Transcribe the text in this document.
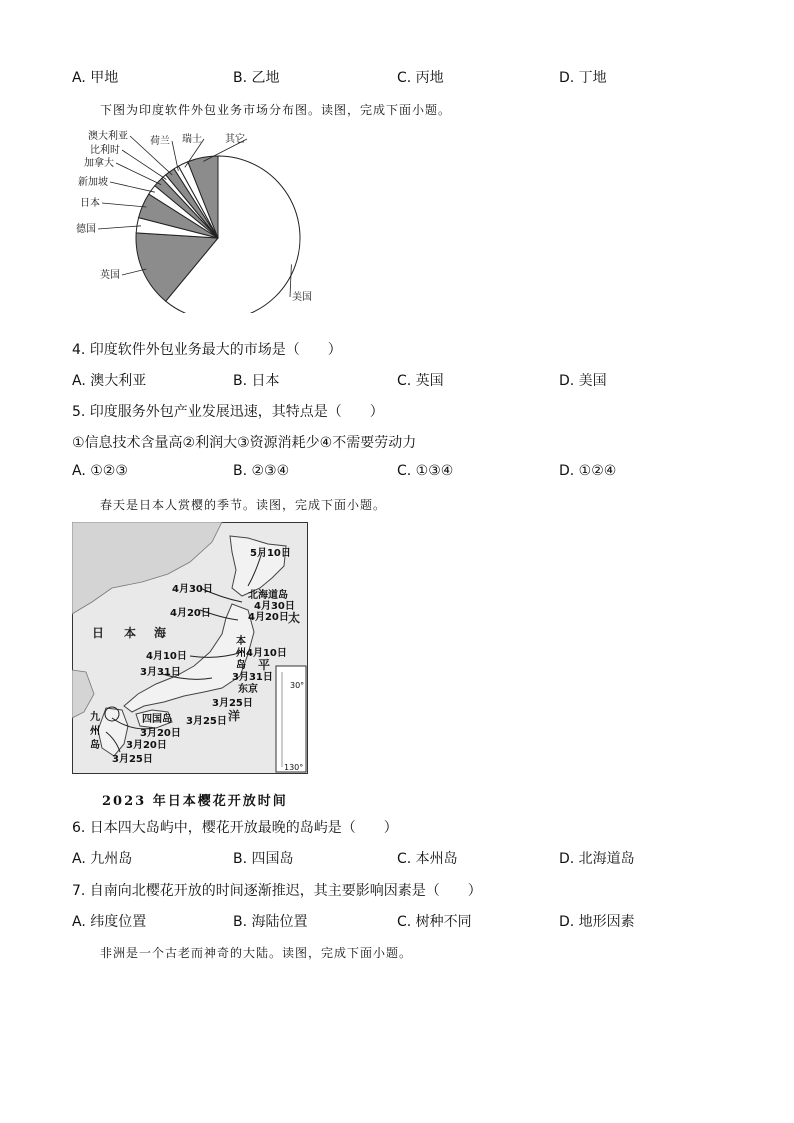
A. 甲地	B. 乙地	C. 丙地	D. 丁地
下图为印度软件外包业务市场分布图。读图，完成下面小题。
美国
英国
德国
日本
新加坡
加拿大
比利时
澳大利亚 荷兰 瑞士 其它
4. 印度软件外包业务最大的市场是（　　）
A. 澳大利亚	B. 日本	C. 英国	D. 美国
5. 印度服务外包产业发展迅速，其特点是（　　）
①信息技术含量高②利润大③资源消耗少④不需要劳动力
A. ①②③	B. ②③④	C. ①③④	D. ①②④
春天是日本人赏樱的季节。读图，完成下面小题。
日 本 海
太
平
洋
5月10日
4月30日
北海道岛
4月30日
4月20日	4月20日
本
州
岛
4月10日	4月10日
3月31日	3月31日
东京
四国岛
3月25日
3月25日
九
州
岛
3月20日
3月20日
3月25日
30°
130°
2023 年日本樱花开放时间
6. 日本四大岛屿中，樱花开放最晚的岛屿是（　　）
A. 九州岛	B. 四国岛	C. 本州岛	D. 北海道岛
7. 自南向北樱花开放的时间逐渐推迟，其主要影响因素是（　　）
A. 纬度位置	B. 海陆位置	C. 树种不同	D. 地形因素
非洲是一个古老而神奇的大陆。读图，完成下面小题。
